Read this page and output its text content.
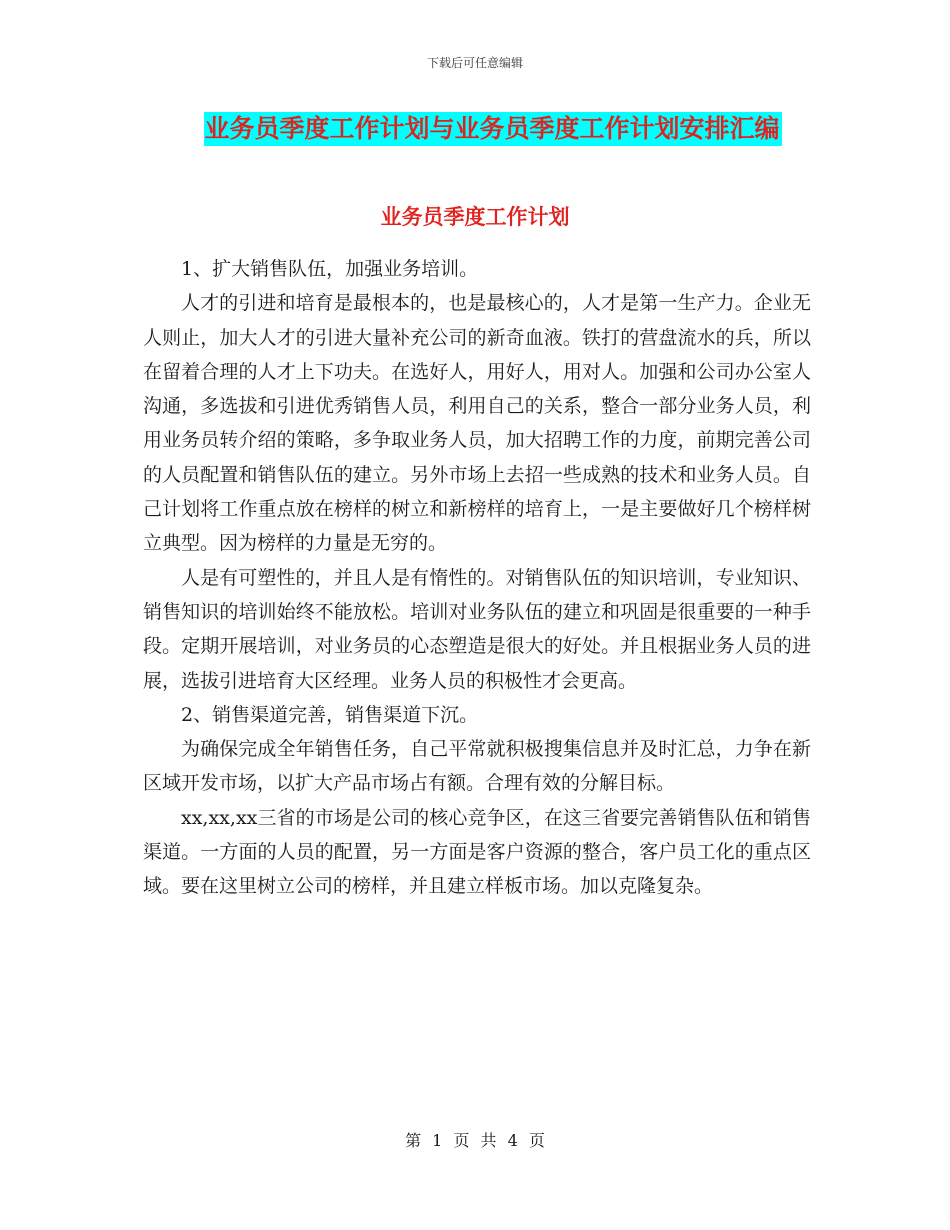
下载后可任意编辑
业务员季度工作计划与业务员季度工作计划安排汇编
业务员季度工作计划

1、扩大销售队伍，加强业务培训。

人才的引进和培育是最根本的，也是最核心的，人才是第一生产力。企业无人则止，加大人才的引进大量补充公司的新奇血液。铁打的营盘流水的兵，所以在留着合理的人才上下功夫。在选好人，用好人，用对人。加强和公司办公室人沟通，多选拔和引进优秀销售人员，利用自己的关系，整合一部分业务人员，利用业务员转介绍的策略，多争取业务人员，加大招聘工作的力度，前期完善公司的人员配置和销售队伍的建立。另外市场上去招一些成熟的技术和业务人员。自己计划将工作重点放在榜样的树立和新榜样的培育上，一是主要做好几个榜样树立典型。因为榜样的力量是无穷的。

人是有可塑性的，并且人是有惰性的。对销售队伍的知识培训，专业知识、销售知识的培训始终不能放松。培训对业务队伍的建立和巩固是很重要的一种手段。定期开展培训，对业务员的心态塑造是很大的好处。并且根据业务人员的进展，选拔引进培育大区经理。业务人员的积极性才会更高。

2、销售渠道完善，销售渠道下沉。

为确保完成全年销售任务，自己平常就积极搜集信息并及时汇总，力争在新区域开发市场，以扩大产品市场占有额。合理有效的分解目标。

xx,xx,xx三省的市场是公司的核心竞争区，在这三省要完善销售队伍和销售渠道。一方面的人员的配置，另一方面是客户资源的整合，客户员工化的重点区域。要在这里树立公司的榜样，并且建立样板市场。加以克隆复杂。

第 1 页 共 4 页
